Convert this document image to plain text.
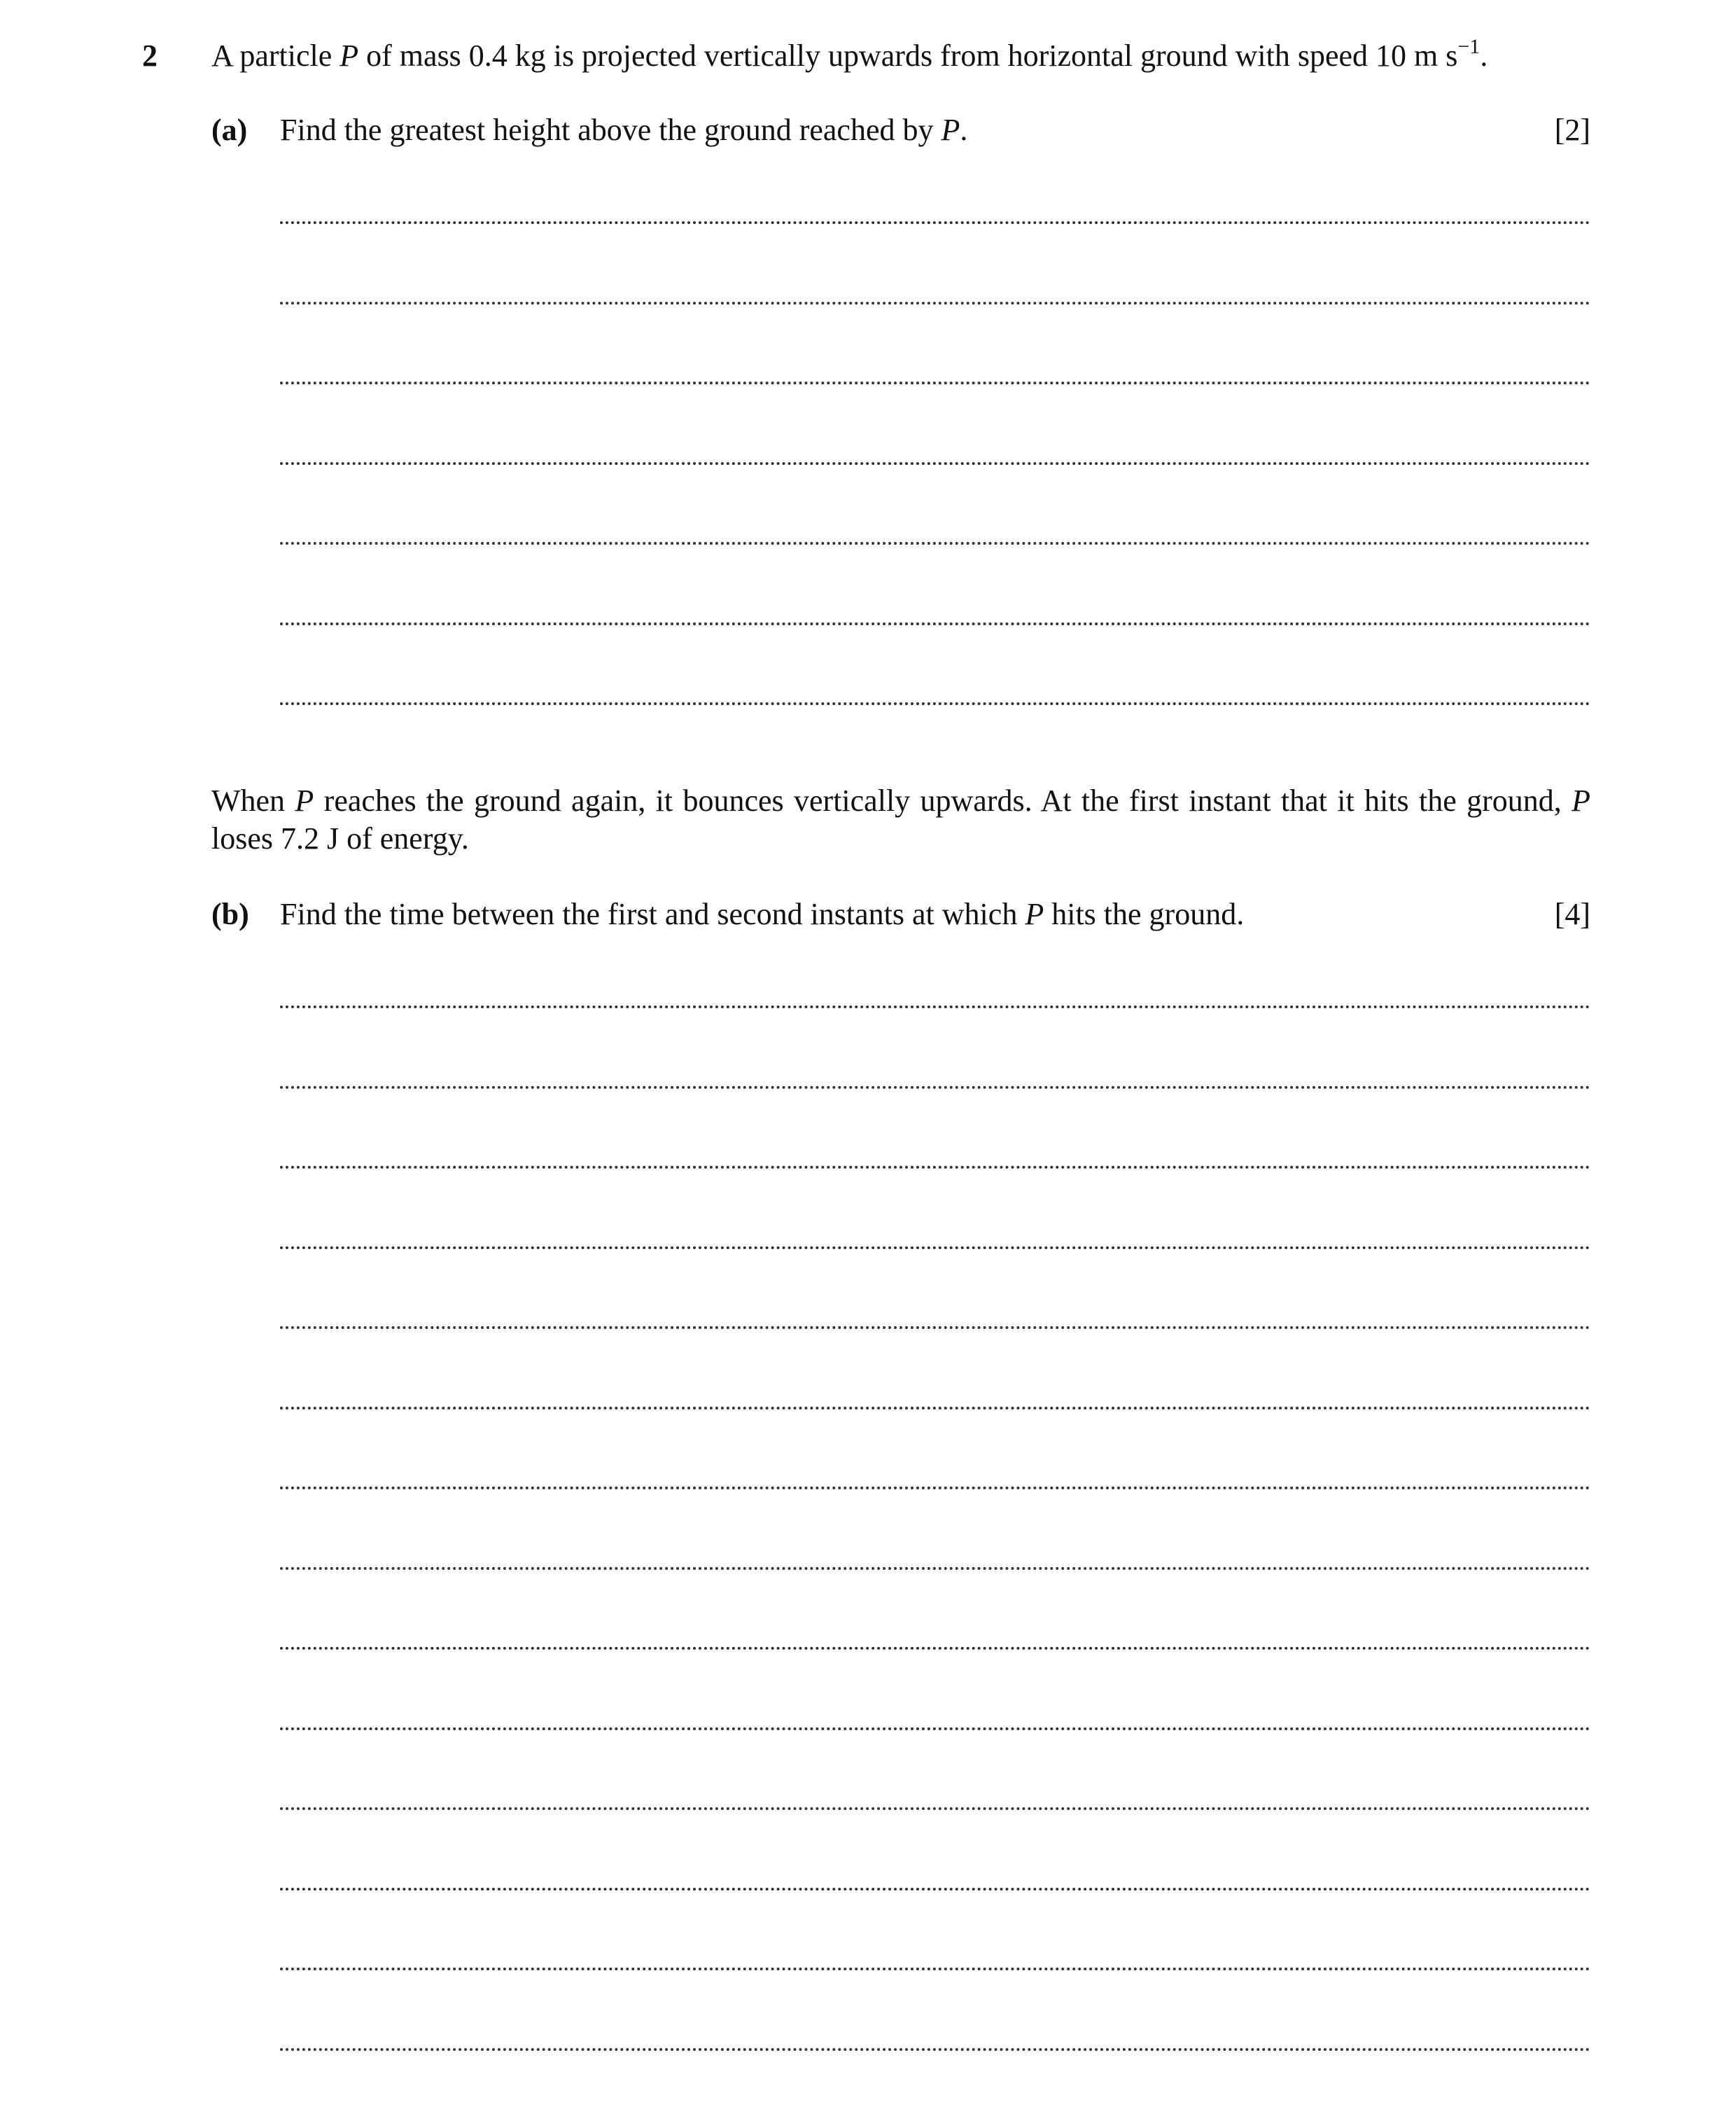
2 A particle P of mass 0.4 kg is projected vertically upwards from horizontal ground with speed 10 m $s^{-1}$.
(a) Find the greatest height above the ground reached by P.	[2]
When P reaches the ground again, it bounces vertically upwards. At the first instant that it hits the ground, P loses 7.2 J of energy.
(b) Find the time between the first and second instants at which P hits the ground.	[4]
